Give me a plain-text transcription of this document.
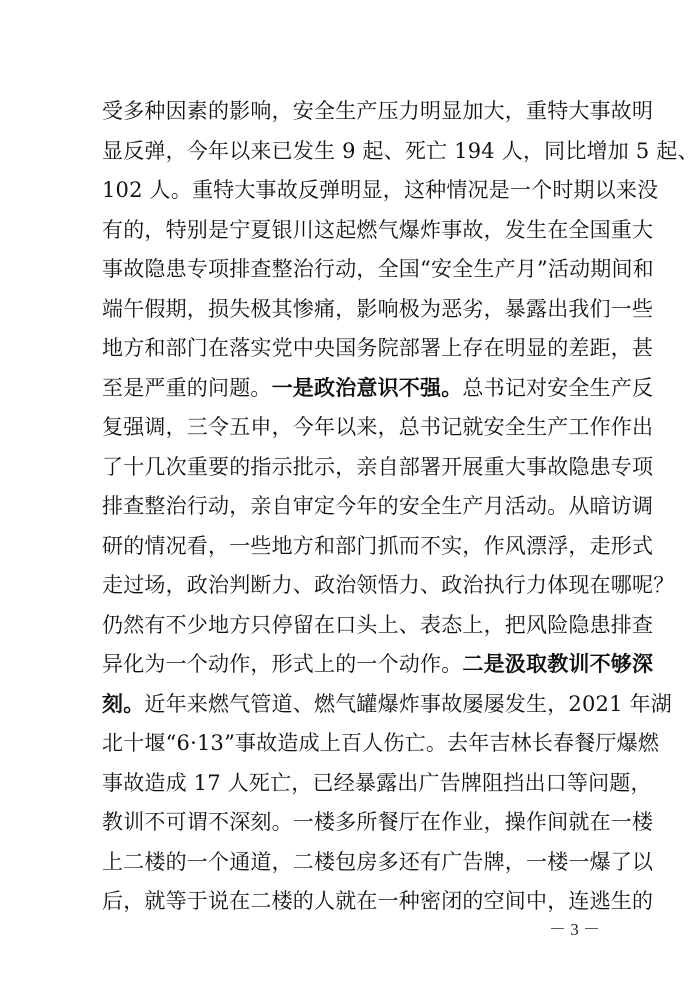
受多种因素的影响，安全生产压力明显加大，重特大事故明
显反弹，今年以来已发生 9 起、死亡 194 人，同比增加 5 起、
102 人。重特大事故反弹明显，这种情况是一个时期以来没
有的，特别是宁夏银川这起燃气爆炸事故，发生在全国重大
事故隐患专项排查整治行动，全国“安全生产月”活动期间和
端午假期，损失极其惨痛，影响极为恶劣，暴露出我们一些
地方和部门在落实党中央国务院部署上存在明显的差距，甚
至是严重的问题。一是政治意识不强。总书记对安全生产反
复强调，三令五申，今年以来，总书记就安全生产工作作出
了十几次重要的指示批示，亲自部署开展重大事故隐患专项
排查整治行动，亲自审定今年的安全生产月活动。从暗访调
研的情况看，一些地方和部门抓而不实，作风漂浮，走形式
走过场，政治判断力、政治领悟力、政治执行力体现在哪呢？
仍然有不少地方只停留在口头上、表态上，把风险隐患排查
异化为一个动作，形式上的一个动作。二是汲取教训不够深
刻。近年来燃气管道、燃气罐爆炸事故屡屡发生，2021 年湖
北十堰“6·13”事故造成上百人伤亡。去年吉林长春餐厅爆燃
事故造成 17 人死亡，已经暴露出广告牌阻挡出口等问题，
教训不可谓不深刻。一楼多所餐厅在作业，操作间就在一楼
上二楼的一个通道，二楼包房多还有广告牌，一楼一爆了以
后，就等于说在二楼的人就在一种密闭的空间中，连逃生的

－ 3 －
